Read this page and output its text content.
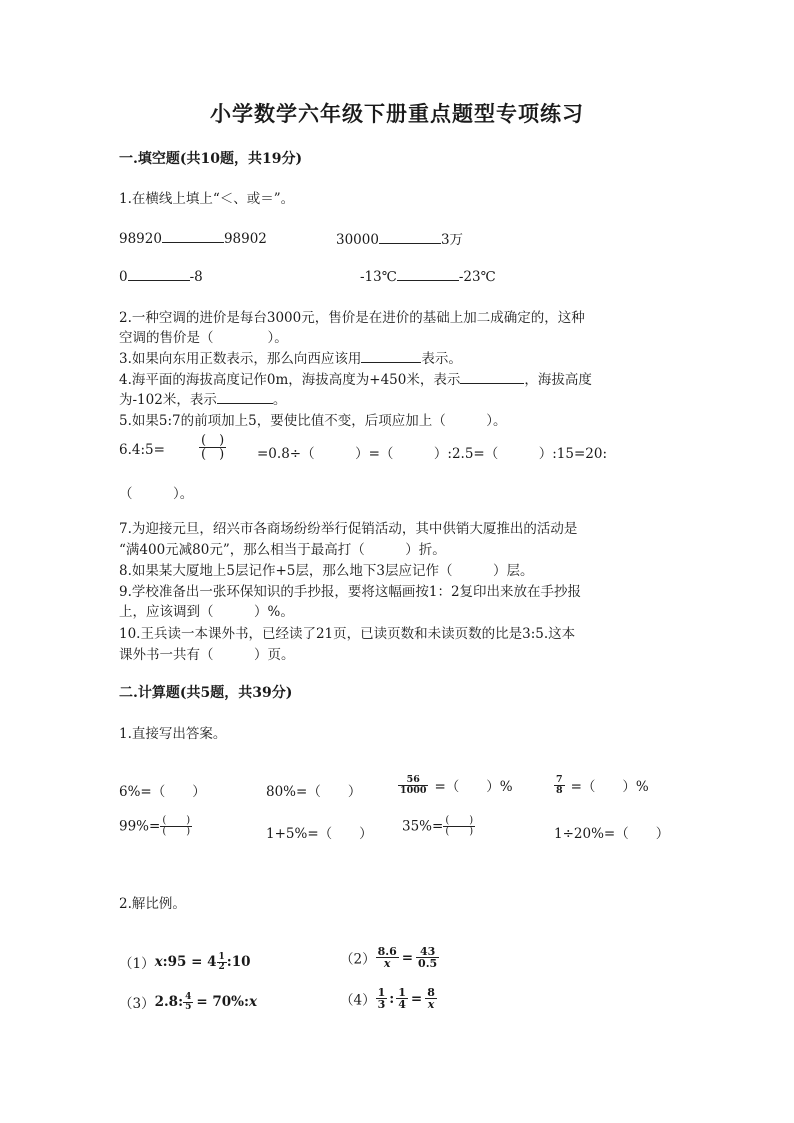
小学数学六年级下册重点题型专项练习
一.填空题(共10题，共19分)
1.在横线上填上“＜、或＝”。
98920	98902	30000	3万
0	-8	-13℃	-23℃
2.一种空调的进价是每台3000元，售价是在进价的基础上加二成确定的，这种
空调的售价是（　　　　）。
3.如果向东用正数表示，那么向西应该用	表示。
4.海平面的海拔高度记作0m，海拔高度为+450米，表示	，海拔高度
为-102米，表示	。
5.如果5:7的前项加上5，要使比值不变，后项应加上（　　　）。
6.4:5=	$\frac{( )}{( )} =0.8\div$（　　　）=（　　　）:2.5=（　　　）:15=20:
（　　　）。
7.为迎接元旦，绍兴市各商场纷纷举行促销活动，其中供销大厦推出的活动是
“满400元减80元”，那么相当于最高打（　　　）折。
8.如果某大厦地上5层记作+5层，那么地下3层应记作（　　　）层。
9.学校准备出一张环保知识的手抄报，要将这幅画按1：2复印出来放在手抄报
上，应该调到（　　　）%。
10.王兵读一本课外书，已经读了21页，已读页数和未读页数的比是3:5.这本
课外书一共有（　　　）页。
二.计算题(共5题，共39分)
1.直接写出答案。
6%=（　　）	80%=（　　）	$\frac{56}{1000}$ =（　　）%	$\frac{7}{8}$ =（　　）%
$99\%= \frac{( )}{( )}$	1+5%=（　　） $35\%= \frac{( )}{( )}$	1÷20%=（　　）
2.解比例。
（1）x:95 = $4 \frac{1}{2}$ :10	$(2) \frac{8.6}{x} = \frac{43}{0.5}$
（3）2.8: $\frac{4}{5}$ = 70%:x	$(4) \frac{1}{3}$ : $\frac{1}{4} = \frac{8}{x}$
